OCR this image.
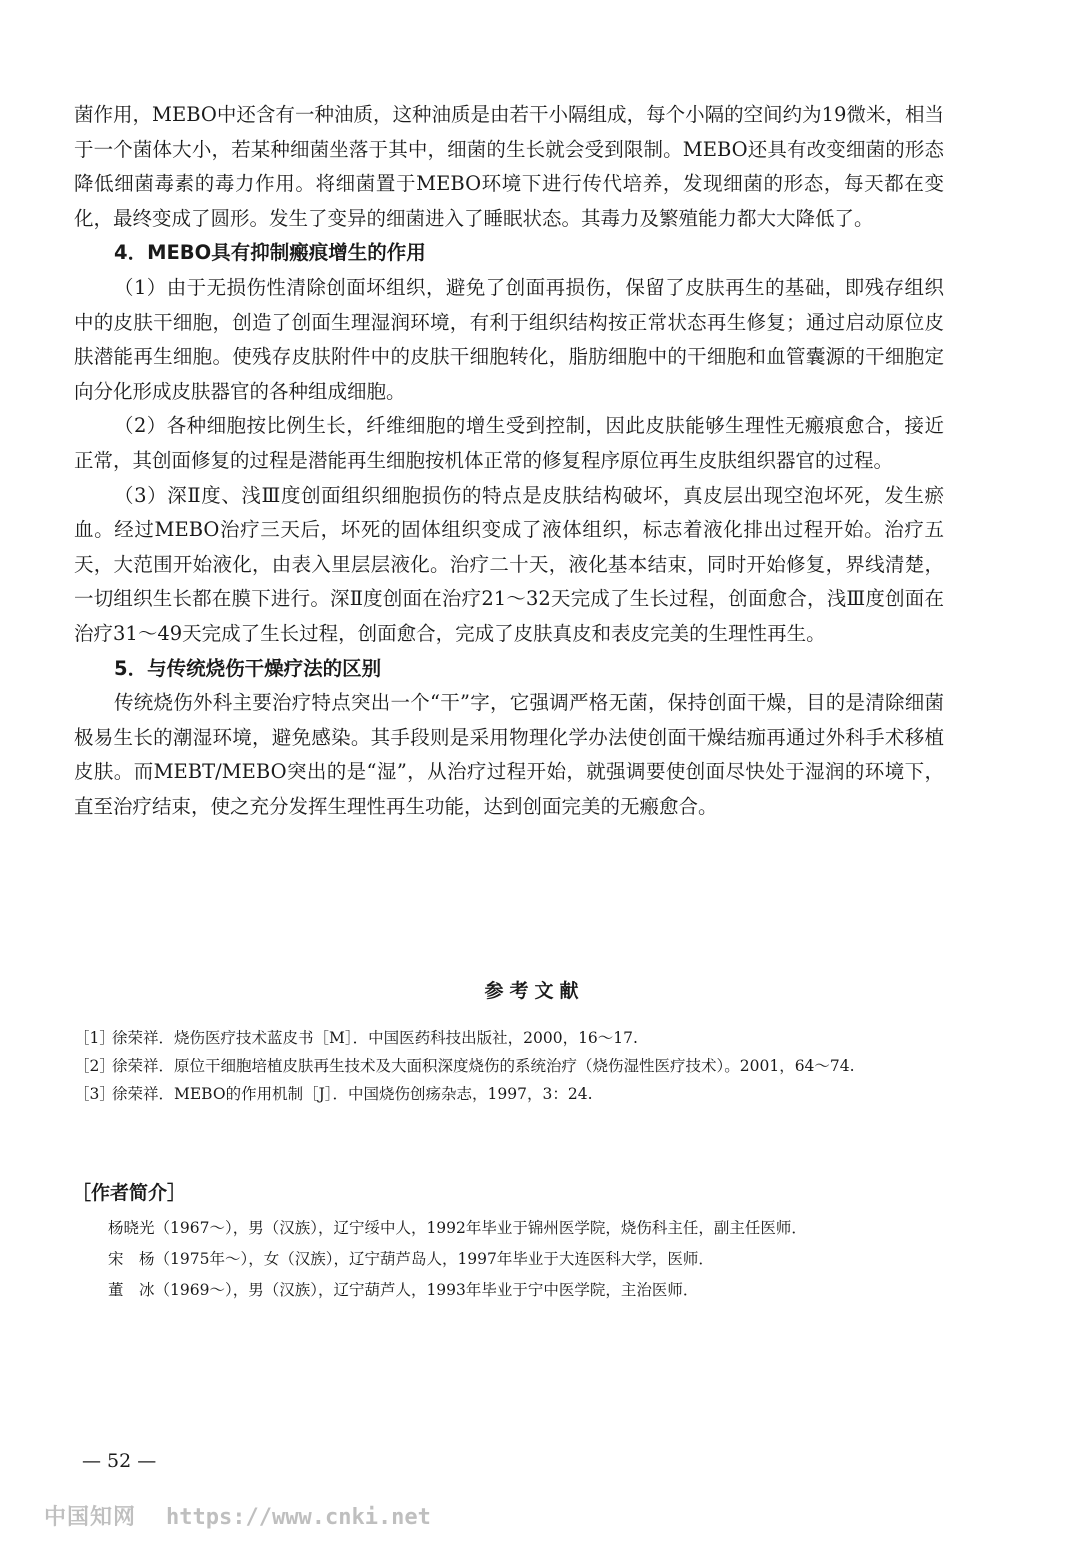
菌作用，MEBO中还含有一种油质，这种油质是由若干小隔组成，每个小隔的空间约为19微米，相当于一个菌体大小，若某种细菌坐落于其中，细菌的生长就会受到限制。MEBO还具有改变细菌的形态降低细菌毒素的毒力作用。将细菌置于MEBO环境下进行传代培养，发现细菌的形态，每天都在变化，最终变成了圆形。发生了变异的细菌进入了睡眠状态。其毒力及繁殖能力都大大降低了。

4．MEBO具有抑制瘢痕增生的作用

（1）由于无损伤性清除创面坏组织，避免了创面再损伤，保留了皮肤再生的基础，即残存组织中的皮肤干细胞，创造了创面生理湿润环境，有利于组织结构按正常状态再生修复；通过启动原位皮肤潜能再生细胞。使残存皮肤附件中的皮肤干细胞转化，脂肪细胞中的干细胞和血管囊源的干细胞定向分化形成皮肤器官的各种组成细胞。

（2）各种细胞按比例生长，纤维细胞的增生受到控制，因此皮肤能够生理性无瘢痕愈合，接近正常，其创面修复的过程是潜能再生细胞按机体正常的修复程序原位再生皮肤组织器官的过程。

（3）深Ⅱ度、浅Ⅲ度创面组织细胞损伤的特点是皮肤结构破坏，真皮层出现空泡坏死，发生瘀血。经过MEBO治疗三天后，坏死的固体组织变成了液体组织，标志着液化排出过程开始。治疗五天，大范围开始液化，由表入里层层液化。治疗二十天，液化基本结束，同时开始修复，界线清楚，一切组织生长都在膜下进行。深Ⅱ度创面在治疗21～32天完成了生长过程，创面愈合，浅Ⅲ度创面在治疗31～49天完成了生长过程，创面愈合，完成了皮肤真皮和表皮完美的生理性再生。

5．与传统烧伤干燥疗法的区别

传统烧伤外科主要治疗特点突出一个“干”字，它强调严格无菌，保持创面干燥，目的是清除细菌极易生长的潮湿环境，避免感染。其手段则是采用物理化学办法使创面干燥结痂再通过外科手术移植皮肤。而MEBT/MEBO突出的是“湿”，从治疗过程开始，就强调要使创面尽快处于湿润的环境下，直至治疗结束，使之充分发挥生理性再生功能，达到创面完美的无瘢愈合。

参考文献
［1］
徐荣祥．烧伤医疗技术蓝皮书［M］．中国医药科技出版社，2000，16～17.
［2］
徐荣祥．原位干细胞培植皮肤再生技术及大面积深度烧伤的系统治疗（烧伤湿性医疗技术）。2001，64～74.
［3］
徐荣祥．MEBO的作用机制［J］．中国烧伤创疡杂志，1997，3：24.
［作者简介］

杨晓光（1967～），男（汉族），辽宁绥中人，1992年毕业于锦州医学院，烧伤科主任，副主任医师．

宋　杨（1975年～），女（汉族），辽宁葫芦岛人，1997年毕业于大连医科大学，医师．

董　冰（1969～），男（汉族），辽宁葫芦人，1993年毕业于宁中医学院，主治医师．

— 52 —
中国知网 https://www.cnki.net
